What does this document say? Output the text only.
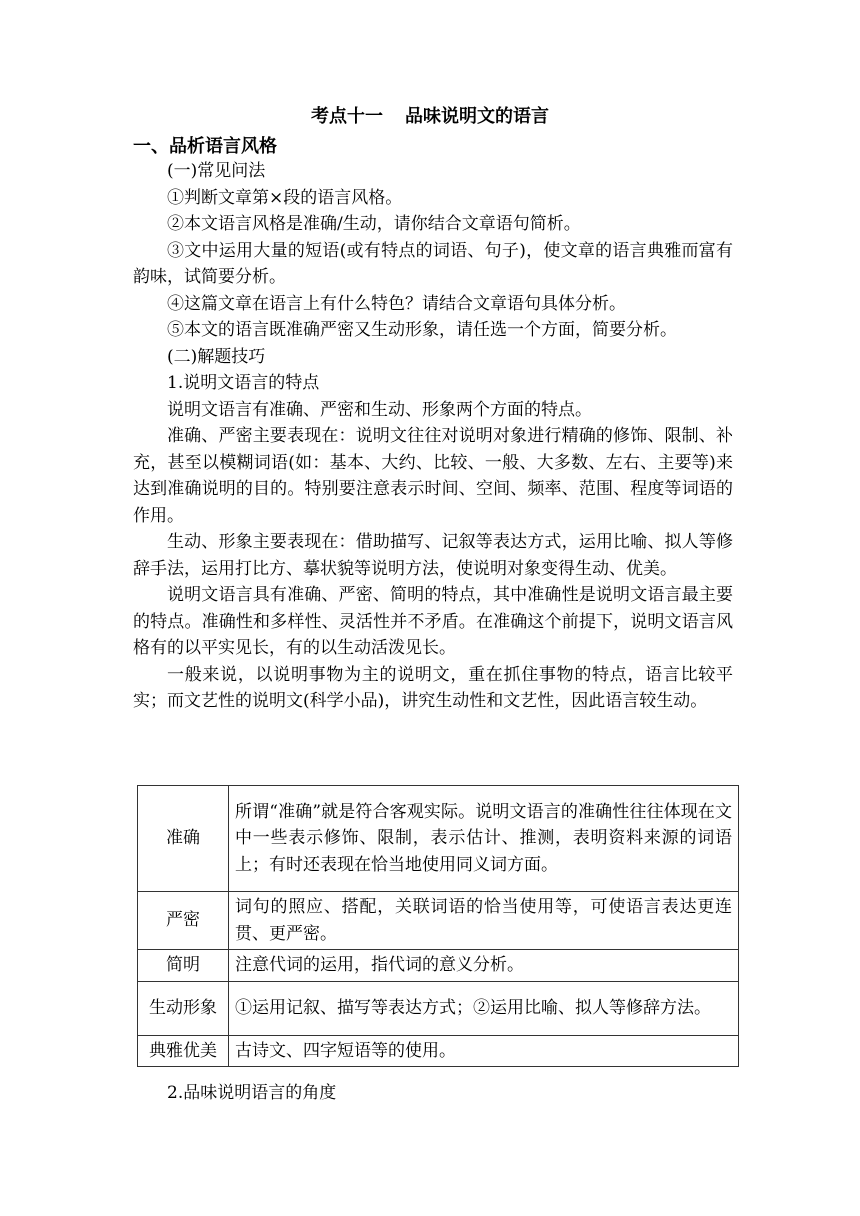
考点十一 品味说明文的语言
一、品析语言风格

(一)常见问法

①判断文章第×段的语言风格。

②本文语言风格是准确/生动，请你结合文章语句简析。

③文中运用大量的短语(或有特点的词语、句子)，使文章的语言典雅而富有韵味，试简要分析。

④这篇文章在语言上有什么特色？请结合文章语句具体分析。

⑤本文的语言既准确严密又生动形象，请任选一个方面，简要分析。

(二)解题技巧

1.说明文语言的特点

说明文语言有准确、严密和生动、形象两个方面的特点。

准确、严密主要表现在：说明文往往对说明对象进行精确的修饰、限制、补充，甚至以模糊词语(如：基本、大约、比较、一般、大多数、左右、主要等)来达到准确说明的目的。特别要注意表示时间、空间、频率、范围、程度等词语的作用。

生动、形象主要表现在：借助描写、记叙等表达方式，运用比喻、拟人等修辞手法，运用打比方、摹状貌等说明方法，使说明对象变得生动、优美。

说明文语言具有准确、严密、简明的特点，其中准确性是说明文语言最主要的特点。准确性和多样性、灵活性并不矛盾。在准确这个前提下，说明文语言风格有的以平实见长，有的以生动活泼见长。

一般来说，以说明事物为主的说明文，重在抓住事物的特点，语言比较平实；而文艺性的说明文(科学小品)，讲究生动性和文艺性，因此语言较生动。

准确	所谓“准确”就是符合客观实际。说明文语言的准确性往往体现在文中一些表示修饰、限制，表示估计、推测，表明资料来源的词语上；有时还表现在恰当地使用同义词方面。
严密	词句的照应、搭配，关联词语的恰当使用等，可使语言表达更连贯、更严密。
简明	注意代词的运用，指代词的意义分析。
生动形象	①运用记叙、描写等表达方式；②运用比喻、拟人等修辞方法。
典雅优美	古诗文、四字短语等的使用。
2.品味说明语言的角度
